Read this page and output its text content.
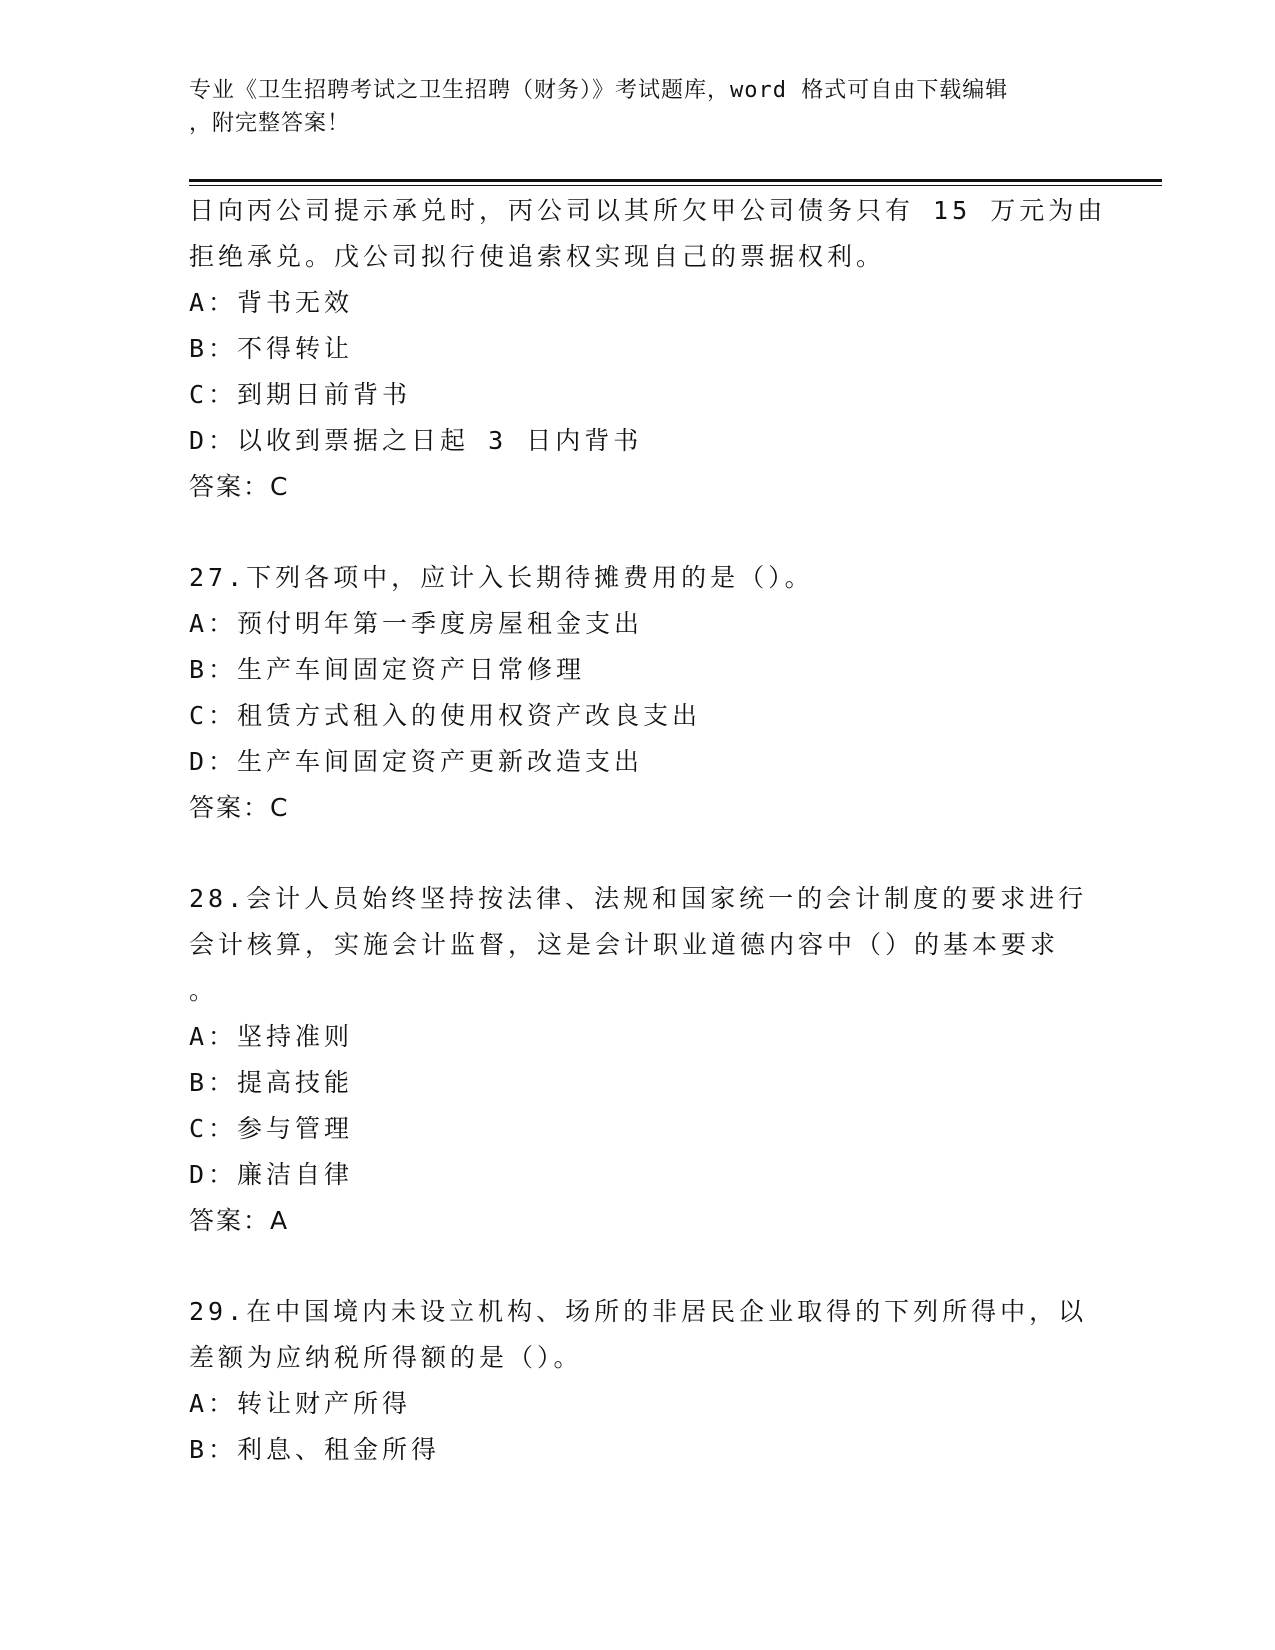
专业《卫生招聘考试之卫生招聘（财务）》考试题库，word 格式可自由下载编辑
，附完整答案！

日向丙公司提示承兑时，丙公司以其所欠甲公司债务只有 15 万元为由

拒绝承兑。戊公司拟行使追索权实现自己的票据权利。

A：背书无效

B：不得转让

C：到期日前背书

D：以收到票据之日起 3 日内背书

答案：C

27.下列各项中，应计入长期待摊费用的是（）。

A：预付明年第一季度房屋租金支出

B：生产车间固定资产日常修理

C：租赁方式租入的使用权资产改良支出

D：生产车间固定资产更新改造支出

答案：C

28.会计人员始终坚持按法律、法规和国家统一的会计制度的要求进行

会计核算，实施会计监督，这是会计职业道德内容中（）的基本要求

。

A：坚持准则

B：提高技能

C：参与管理

D：廉洁自律

答案：A

29.在中国境内未设立机构、场所的非居民企业取得的下列所得中，以

差额为应纳税所得额的是（）。

A：转让财产所得

B：利息、租金所得
